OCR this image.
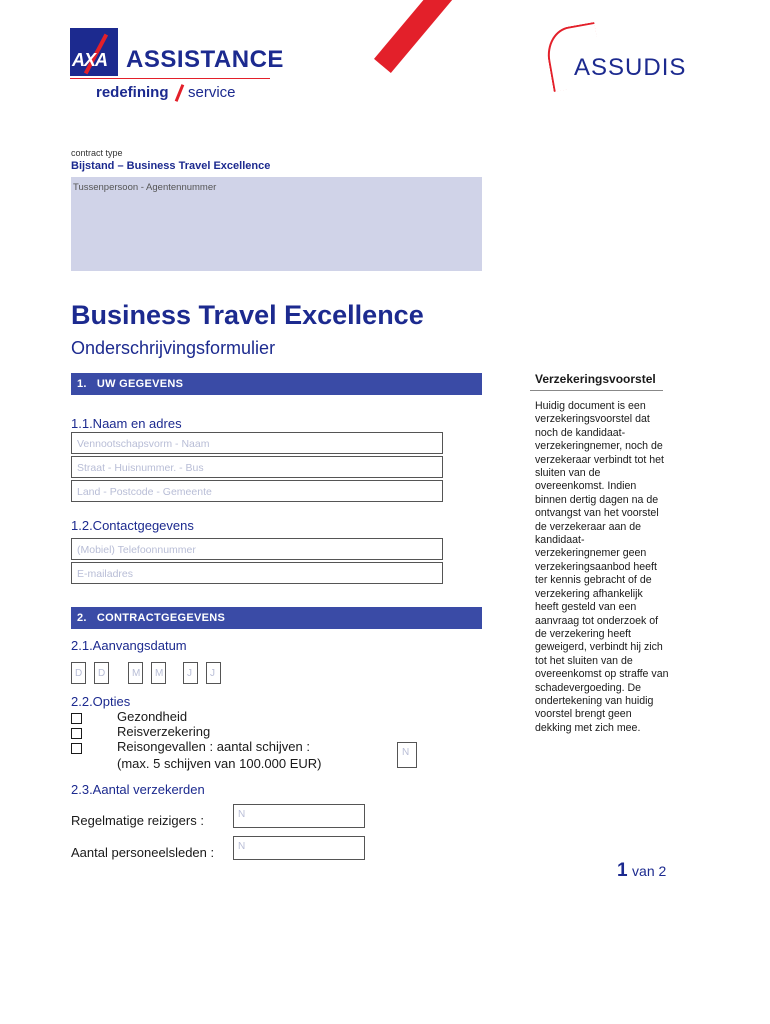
AXA ASSISTANCE
redefining service
ASSUDIS
contract type
Bijstand – Business Travel Excellence
Tussenpersoon - Agentennummer
Business Travel Excellence
Onderschrijvingsformulier
1. UW GEGEVENS
1.1.Naam en adres
Vennootschapsvorm - Naam
Straat - Huisnummer. - Bus
Land - Postcode - Gemeente
1.2.Contactgegevens
(Mobiel) Telefoonnummer
E-mailadres
2. CONTRACTGEGEVENS
2.1.Aanvangsdatum
D D	M M J J
2.2.Opties
Gezondheid
Reisverzekering
Reisongevallen : aantal schijven :
(max. 5 schijven van 100.000 EUR)
N
2.3.Aantal verzekerden
Regelmatige reizigers :	N
Aantal personeelsleden : N
Verzekeringsvoorstel
Huidig document is een verzekeringsvoorstel dat noch de kandidaat-verzekeringnemer, noch de verzekeraar verbindt tot het sluiten van de overeenkomst. Indien binnen dertig dagen na de ontvangst van het voorstel de verzekeraar aan de kandidaat-verzekeringnemer geen verzekeringsaanbod heeft ter kennis gebracht of de verzekering afhankelijk heeft gesteld van een aanvraag tot onderzoek of de verzekering heeft geweigerd, verbindt hij zich tot het sluiten van de overeenkomst op straffe van schadevergoeding. De ondertekening van huidig voorstel brengt geen dekking met zich mee.
1 van 2
